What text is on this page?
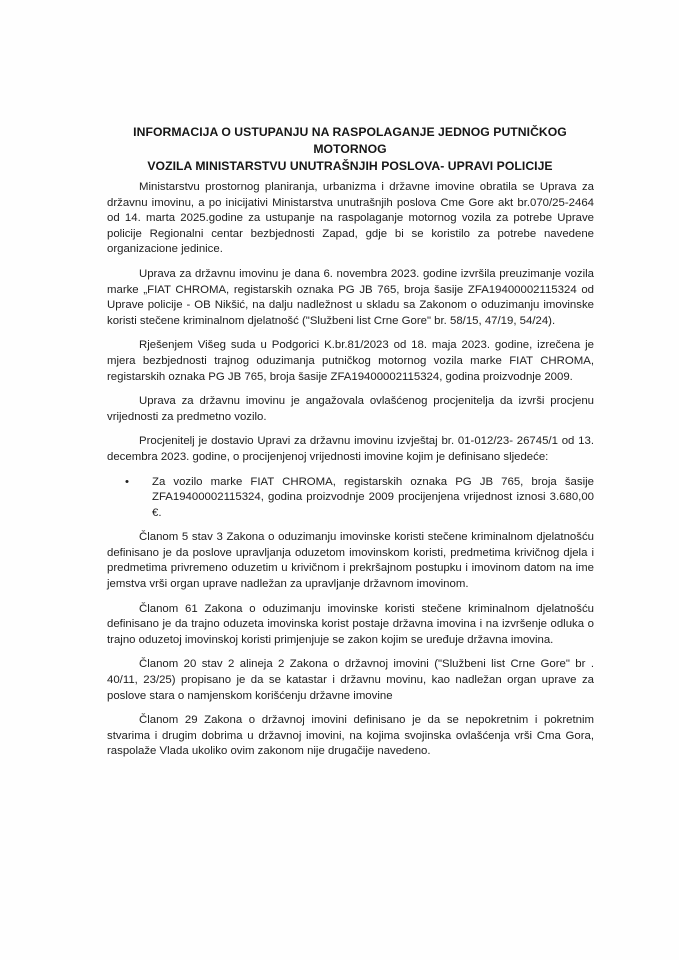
INFORMACIJA O USTUPANJU NA RASPOLAGANJE JEDNOG PUTNIČKOG MOTORNOG
VOZILA MINISTARSTVU UNUTRAŠNJIH POSLOVA- UPRAVI POLICIJE

Ministarstvu prostornog planiranja, urbanizma i državne imovine obratila se Uprava za državnu imovinu, a po inicijativi Ministarstva unutrašnjih poslova Cme Gore akt br.070/25-2464 od 14. marta 2025.godine za ustupanje na raspolaganje motornog vozila za potrebe Uprave policije Regionalni centar bezbjednosti Zapad, gdje bi se koristilo za potrebe navedene organizacione jedinice.

Uprava za državnu imovinu je dana 6. novembra 2023. godine izvršila preuzimanje vozila marke „FIAT CHROMA, registarskih oznaka PG JB 765, broja šasije ZFA19400002115324 od Uprave policije - OB Nikšić, na dalju nadležnost u skladu sa Zakonom o oduzimanju imovinske koristi stečene kriminalnom djelatnošć ("Službeni list Crne Gore" br. 58/15, 47/19, 54/24).

Rješenjem Višeg suda u Podgorici K.br.81/2023 od 18. maja 2023. godine, izrečena je mjera bezbjednosti trajnog oduzimanja putničkog motornog vozila marke FIAT CHROMA, registarskih oznaka PG JB 765, broja šasije ZFA19400002115324, godina proizvodnje 2009.

Uprava za državnu imovinu je angažovala ovlašćenog procjenitelja da izvrši procjenu vrijednosti za predmetno vozilo.

Procjenitelj je dostavio Upravi za državnu imovinu izvještaj br. 01-012/23- 26745/1 od 13. decembra 2023. godine, o procijenjenoj vrijednosti imovine kojim je definisano sljedeće:

• Za vozilo marke FIAT CHROMA, registarskih oznaka PG JB 765, broja šasije ZFA19400002115324, godina proizvodnje 2009 procijenjena vrijednost iznosi 3.680,00 €.

Članom 5 stav 3 Zakona o oduzimanju imovinske koristi stečene kriminalnom djelatnošću definisano je da poslove upravljanja oduzetom imovinskom koristi, predmetima krivičnog djela i predmetima privremeno oduzetim u krivičnom i prekršajnom postupku i imovinom datom na ime jemstva vrši organ uprave nadležan za upravljanje državnom imovinom.

Članom 61 Zakona o oduzimanju imovinske koristi stečene kriminalnom djelatnošću definisano je da trajno oduzeta imovinska korist postaje državna imovina i na izvršenje odluka o trajno oduzetoj imovinskoj koristi primjenjuje se zakon kojim se uređuje državna imovina.

Članom 20 stav 2 alineja 2 Zakona o državnoj imovini ("Službeni list Crne Gore" br . 40/11, 23/25) propisano je da se katastar i državnu movinu, kao nadležan organ uprave za poslove stara o namjenskom korišćenju državne imovine

Članom 29 Zakona o državnoj imovini definisano je da se nepokretnim i pokretnim stvarima i drugim dobrima u državnoj imovini, na kojima svojinska ovlašćenja vrši Cma Gora, raspolaže Vlada ukoliko ovim zakonom nije drugačije navedeno.
